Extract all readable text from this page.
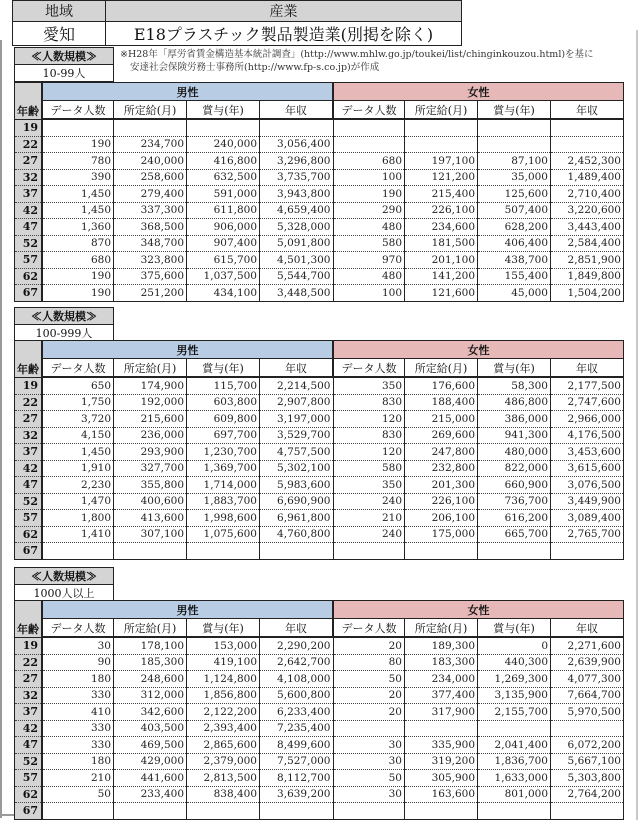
地域	産業
愛知	E18プラスチック製品製造業(別掲を除く)
※H28年「厚労省賃金構造基本統計調査」(http://www.mhlw.go.jp/toukei/list/chinginkouzou.html)を基に
安達社会保険労務士事務所(http://www.fp-s.co.jp)が作成
≪人数規模≫
10-99人
年齢	男性				女性			
	データ人数	所定給(月)	賞与(年)	年収	データ人数	所定給(月)	賞与(年)	年収
19								
22	190	234,700	240,000	3,056,400				
27	780	240,000	416,800	3,296,800	680	197,100	87,100	2,452,300
32	390	258,600	632,500	3,735,700	100	121,200	35,000	1,489,400
37	1,450	279,400	591,000	3,943,800	190	215,400	125,600	2,710,400
42	1,450	337,300	611,800	4,659,400	290	226,100	507,400	3,220,600
47	1,360	368,500	906,000	5,328,000	480	234,600	628,200	3,443,400
52	870	348,700	907,400	5,091,800	580	181,500	406,400	2,584,400
57	680	323,800	615,700	4,501,300	970	201,100	438,700	2,851,900
62	190	375,600	1,037,500	5,544,700	480	141,200	155,400	1,849,800
67	190	251,200	434,100	3,448,500	100	121,600	45,000	1,504,200
≪人数規模≫
100-999人
年齢	男性				女性			
	データ人数	所定給(月)	賞与(年)	年収	データ人数	所定給(月)	賞与(年)	年収
19	650	174,900	115,700	2,214,500	350	176,600	58,300	2,177,500
22	1,750	192,000	603,800	2,907,800	830	188,400	486,800	2,747,600
27	3,720	215,600	609,800	3,197,000	120	215,000	386,000	2,966,000
32	4,150	236,000	697,700	3,529,700	830	269,600	941,300	4,176,500
37	1,450	293,900	1,230,700	4,757,500	120	247,800	480,000	3,453,600
42	1,910	327,700	1,369,700	5,302,100	580	232,800	822,000	3,615,600
47	2,230	355,800	1,714,000	5,983,600	350	201,300	660,900	3,076,500
52	1,470	400,600	1,883,700	6,690,900	240	226,100	736,700	3,449,900
57	1,800	413,600	1,998,600	6,961,800	210	206,100	616,200	3,089,400
62	1,410	307,100	1,075,600	4,760,800	240	175,000	665,700	2,765,700
67								
≪人数規模≫
1000人以上
年齢	男性				女性			
	データ人数	所定給(月)	賞与(年)	年収	データ人数	所定給(月)	賞与(年)	年収
19	30	178,100	153,000	2,290,200	20	189,300	0	2,271,600
22	90	185,300	419,100	2,642,700	80	183,300	440,300	2,639,900
27	180	248,600	1,124,800	4,108,000	50	234,000	1,269,300	4,077,300
32	330	312,000	1,856,800	5,600,800	20	377,400	3,135,900	7,664,700
37	410	342,600	2,122,200	6,233,400	20	317,900	2,155,700	5,970,500
42	330	403,500	2,393,400	7,235,400				
47	330	469,500	2,865,600	8,499,600	30	335,900	2,041,400	6,072,200
52	180	429,000	2,379,000	7,527,000	30	319,200	1,836,700	5,667,100
57	210	441,600	2,813,500	8,112,700	50	305,900	1,633,000	5,303,800
62	50	233,400	838,400	3,639,200	30	163,600	801,000	2,764,200
67								
